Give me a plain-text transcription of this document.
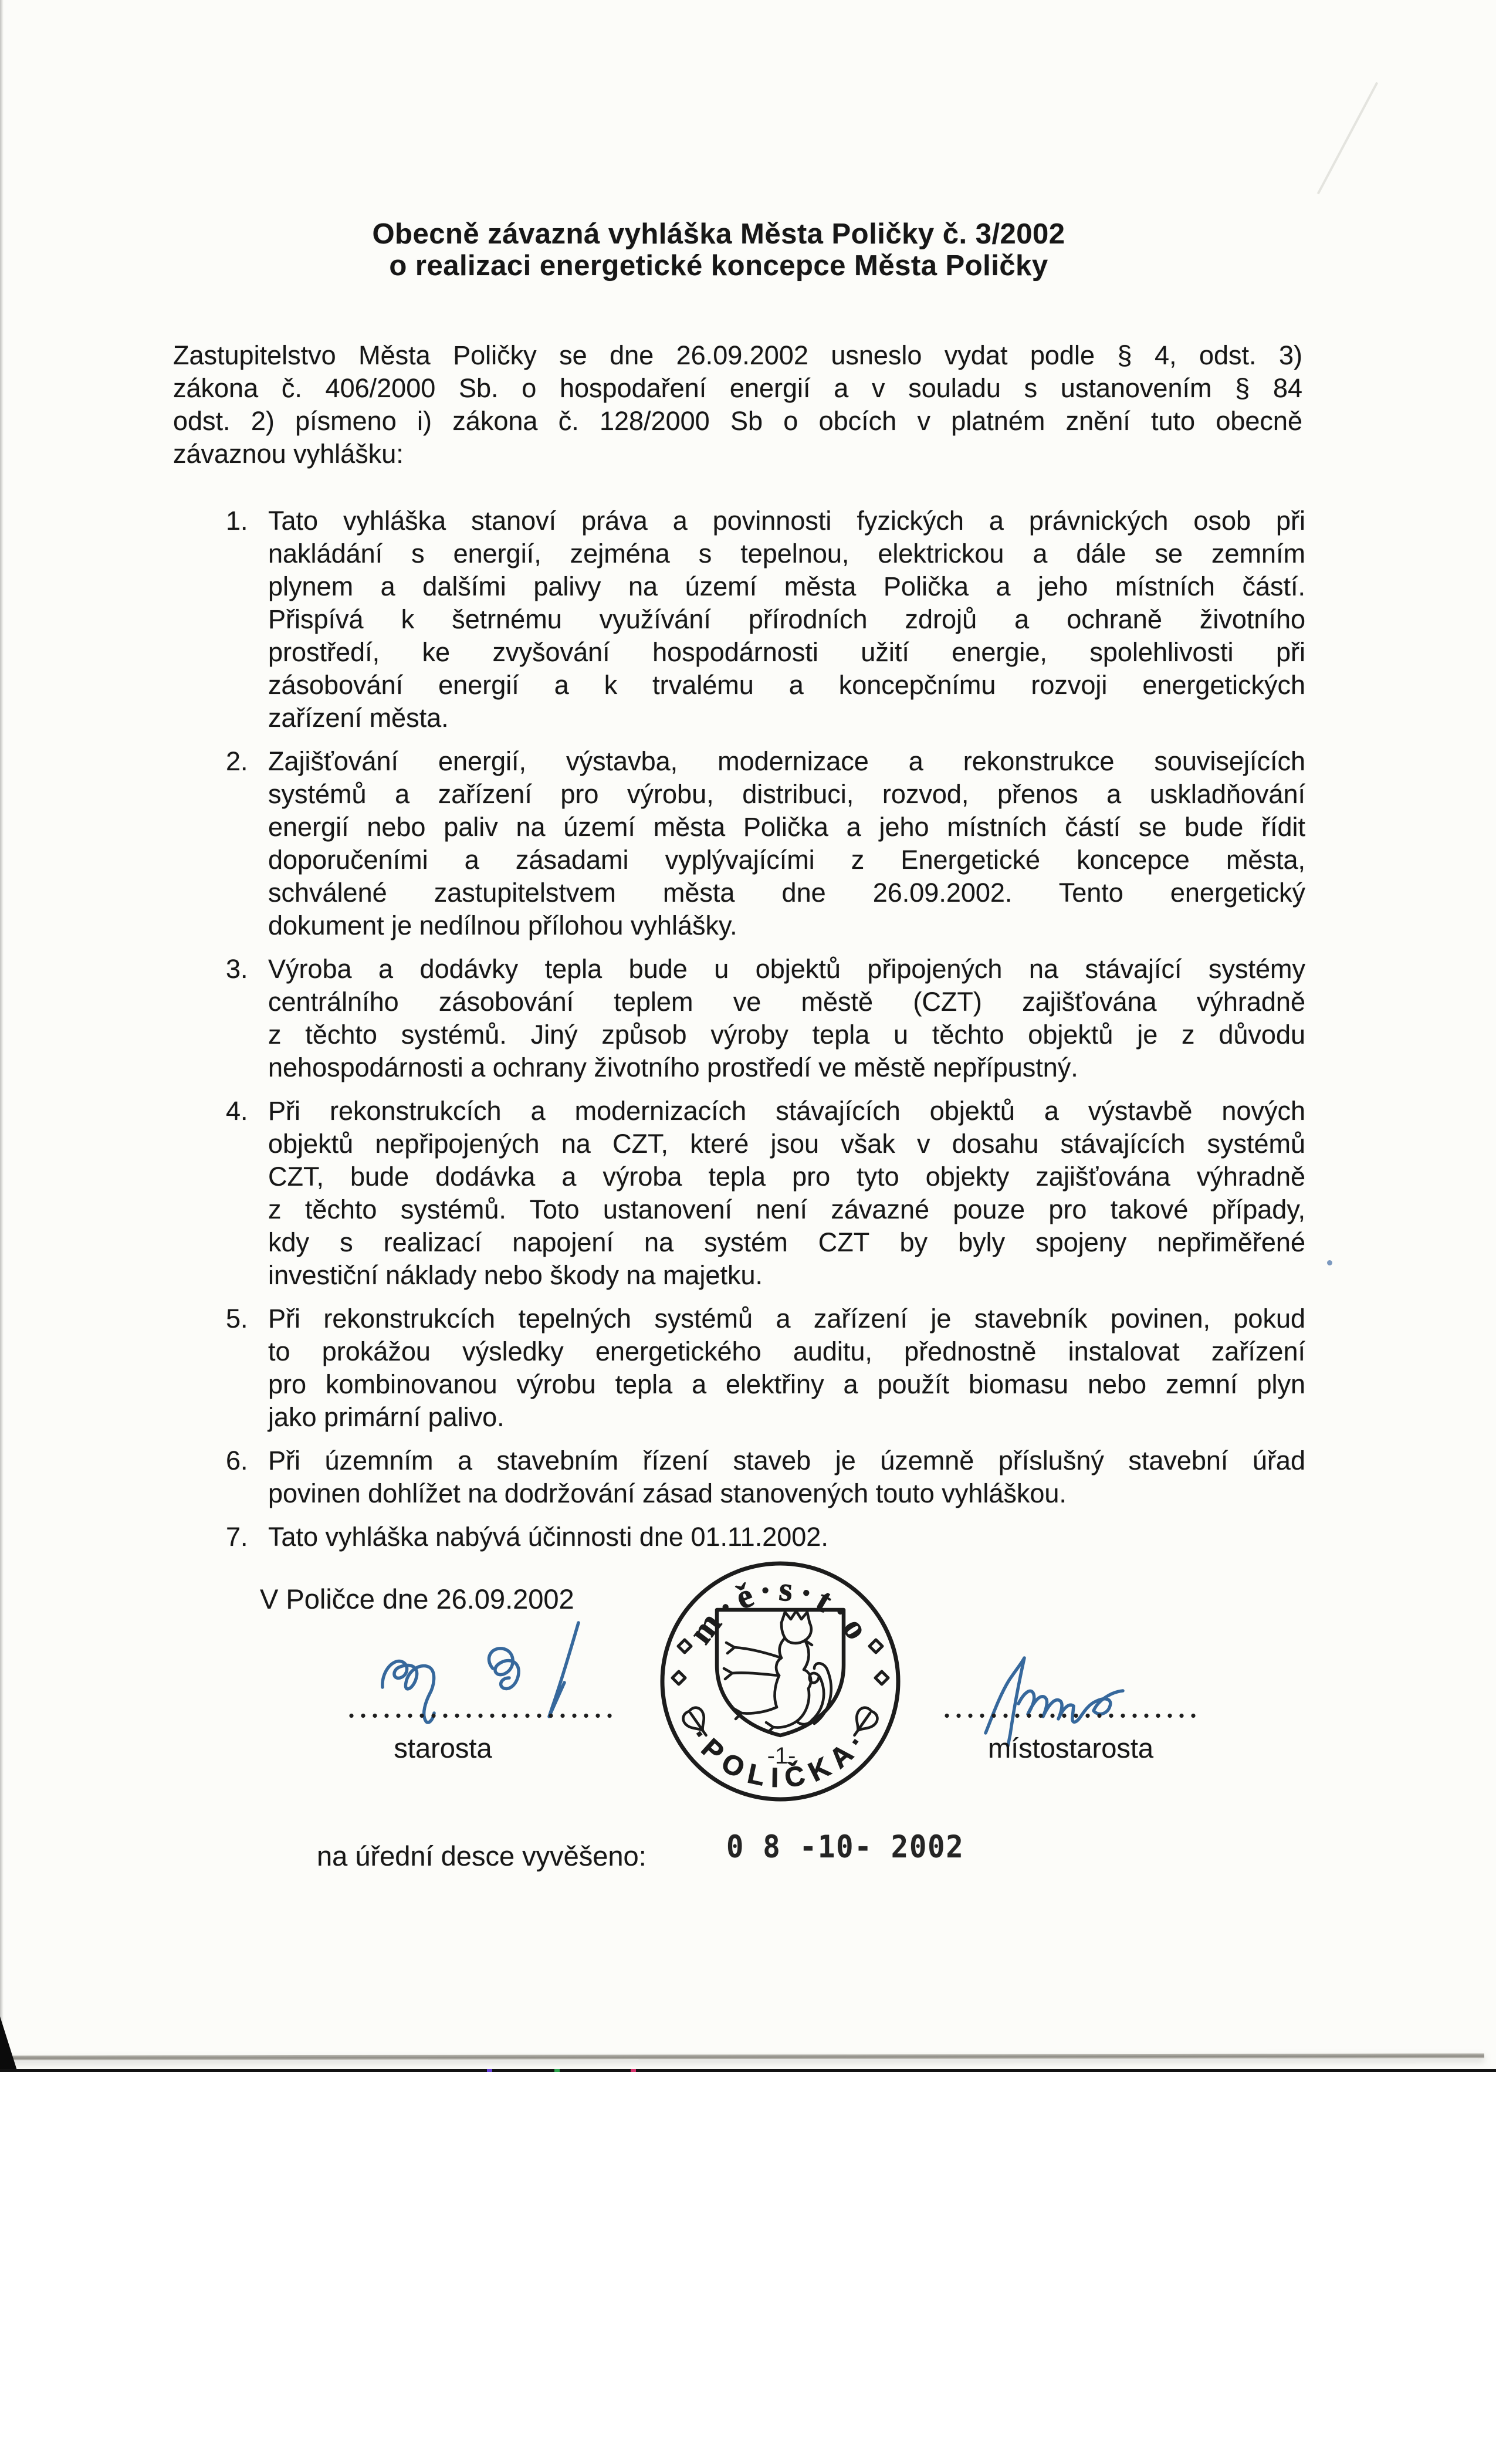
Obecně závazná vyhláška Města Poličky č. 3/2002
o realizaci energetické koncepce Města Poličky
Zastupitelstvo Města Poličky se dne 26.09.2002 usneslo vydat podle § 4, odst. 3)
zákona č. 406/2000 Sb. o hospodaření energií a v souladu s ustanovením § 84
odst. 2) písmeno i) zákona č. 128/2000 Sb o obcích v platném znění tuto obecně
závaznou vyhlášku:
1. Tato vyhláška stanoví práva a povinnosti fyzických a právnických osob při
nakládání s energií, zejména s tepelnou, elektrickou a dále se zemním
plynem a dalšími palivy na území města Polička a jeho místních částí.
Přispívá k šetrnému využívání přírodních zdrojů a ochraně životního
prostředí, ke zvyšování hospodárnosti užití energie, spolehlivosti při
zásobování energií a k trvalému a koncepčnímu rozvoji energetických
zařízení města.
2. Zajišťování energií, výstavba, modernizace a rekonstrukce souvisejících
systémů a zařízení pro výrobu, distribuci, rozvod, přenos a uskladňování
energií nebo paliv na území města Polička a jeho místních částí se bude řídit
doporučeními a zásadami vyplývajícími z Energetické koncepce města,
schválené zastupitelstvem města dne 26.09.2002. Tento energetický
dokument je nedílnou přílohou vyhlášky.
3. Výroba a dodávky tepla bude u objektů připojených na stávající systémy
centrálního zásobování teplem ve městě (CZT) zajišťována výhradně
z těchto systémů. Jiný způsob výroby tepla u těchto objektů je z důvodu
nehospodárnosti a ochrany životního prostředí ve městě nepřípustný.
4. Při rekonstrukcích a modernizacích stávajících objektů a výstavbě nových
objektů nepřipojených na CZT, které jsou však v dosahu stávajících systémů
CZT, bude dodávka a výroba tepla pro tyto objekty zajišťována výhradně
z těchto systémů. Toto ustanovení není závazné pouze pro takové případy,
kdy s realizací napojení na systém CZT by byly spojeny nepřiměřené
investiční náklady nebo škody na majetku.
5. Při rekonstrukcích tepelných systémů a zařízení je stavebník povinen, pokud
to prokážou výsledky energetického auditu, přednostně instalovat zařízení
pro kombinovanou výrobu tepla a elektřiny a použít biomasu nebo zemní plyn
jako primární palivo.
6. Při územním a stavebním řízení staveb je územně příslušný stavební úřad
povinen dohlížet na dodržování zásad stanovených touto vyhláškou.
7. Tato vyhláška nabývá účinnosti dne 01.11.2002.
V Poličce dne 26.09.2002
starosta	místostarosta
m·ě·s·t·o
·POLIČKA·
-1-
na úřední desce vyvěšeno:	0 8 -10- 2002
